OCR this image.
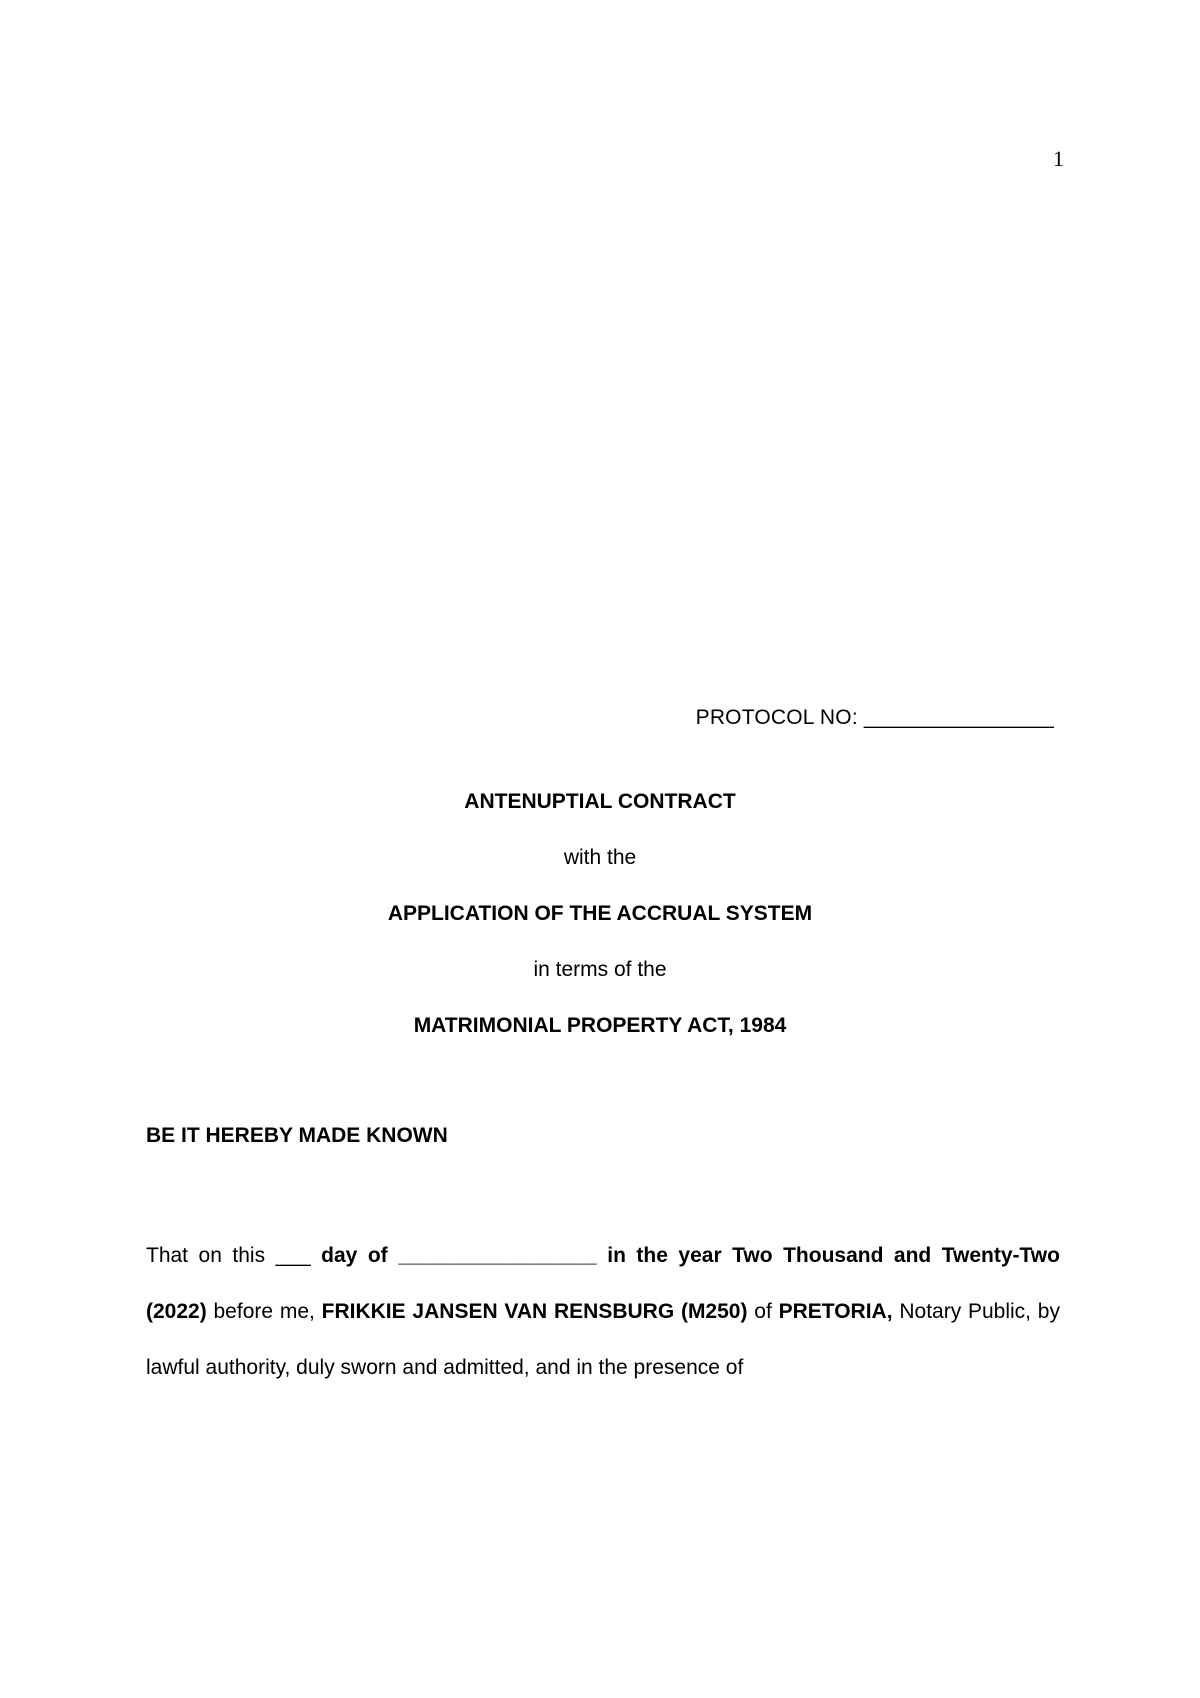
1
PROTOCOL NO: ________________
ANTENUPTIAL CONTRACT
with the
APPLICATION OF THE ACCRUAL SYSTEM
in terms of the
MATRIMONIAL PROPERTY ACT, 1984
BE IT HEREBY MADE KNOWN
That on this ___ day of _________________ in the year Two Thousand and Twenty-Two (2022) before me, FRIKKIE JANSEN VAN RENSBURG (M250) of PRETORIA, Notary Public, by lawful authority, duly sworn and admitted, and in the presence of
